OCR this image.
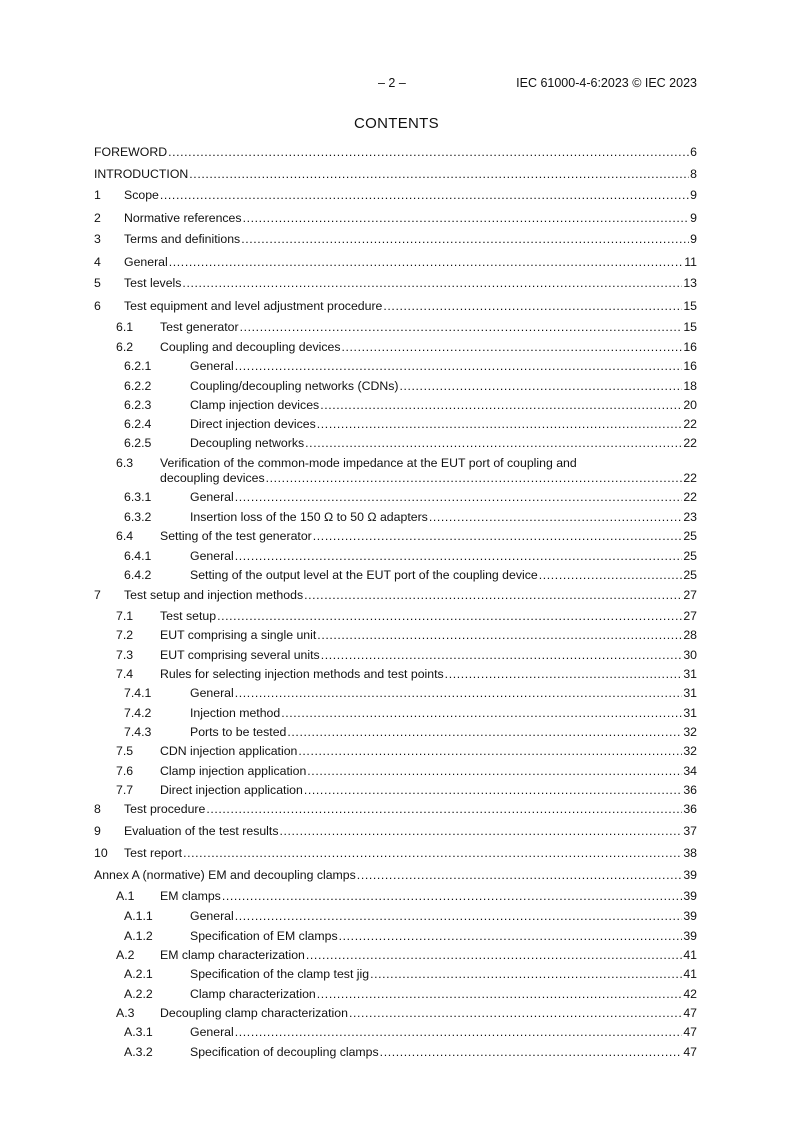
– 2 –	IEC 61000-4-6:2023 © IEC 2023
CONTENTS
FOREWORD .....	6
INTRODUCTION .....	8
1 Scope .....	9
2 Normative references .....	9
3 Terms and definitions .....	9
4 General .....	11
5 Test levels .....	13
6 Test equipment and level adjustment procedure .....	15
6.1 Test generator .....	15
6.2 Coupling and decoupling devices .....	16
6.2.1	General .....	16
6.2.2	Coupling/decoupling networks (CDNs) .....	18
6.2.3	Clamp injection devices .....	20
6.2.4	Direct injection devices .....	22
6.2.5	Decoupling networks .....	22
6.3 Verification of the common-mode impedance at the EUT port of coupling and
decoupling devices .....	22
6.3.1	General .....	22
6.3.2	Insertion loss of the 150 Ω to 50 Ω adapters .....	23
6.4 Setting of the test generator .....	25
6.4.1	General .....	25
6.4.2	Setting of the output level at the EUT port of the coupling device .....	25
7 Test setup and injection methods .....	27
7.1 Test setup .....	27
7.2 EUT comprising a single unit .....	28
7.3 EUT comprising several units .....	30
7.4 Rules for selecting injection methods and test points .....	31
7.4.1	General .....	31
7.4.2	Injection method .....	31
7.4.3	Ports to be tested .....	32
7.5 CDN injection application .....	32
7.6 Clamp injection application .....	34
7.7 Direct injection application .....	36
8 Test procedure .....	36
9 Evaluation of the test results .....	37
10 Test report .....	38
Annex A (normative) EM and decoupling clamps .....	39
A.1 EM clamps .....	39
A.1.1	General .....	39
A.1.2	Specification of EM clamps .....	39
A.2 EM clamp characterization .....	41
A.2.1	Specification of the clamp test jig .....	41
A.2.2	Clamp characterization .....	42
A.3 Decoupling clamp characterization .....	47
A.3.1	General .....	47
A.3.2	Specification of decoupling clamps .....	47
